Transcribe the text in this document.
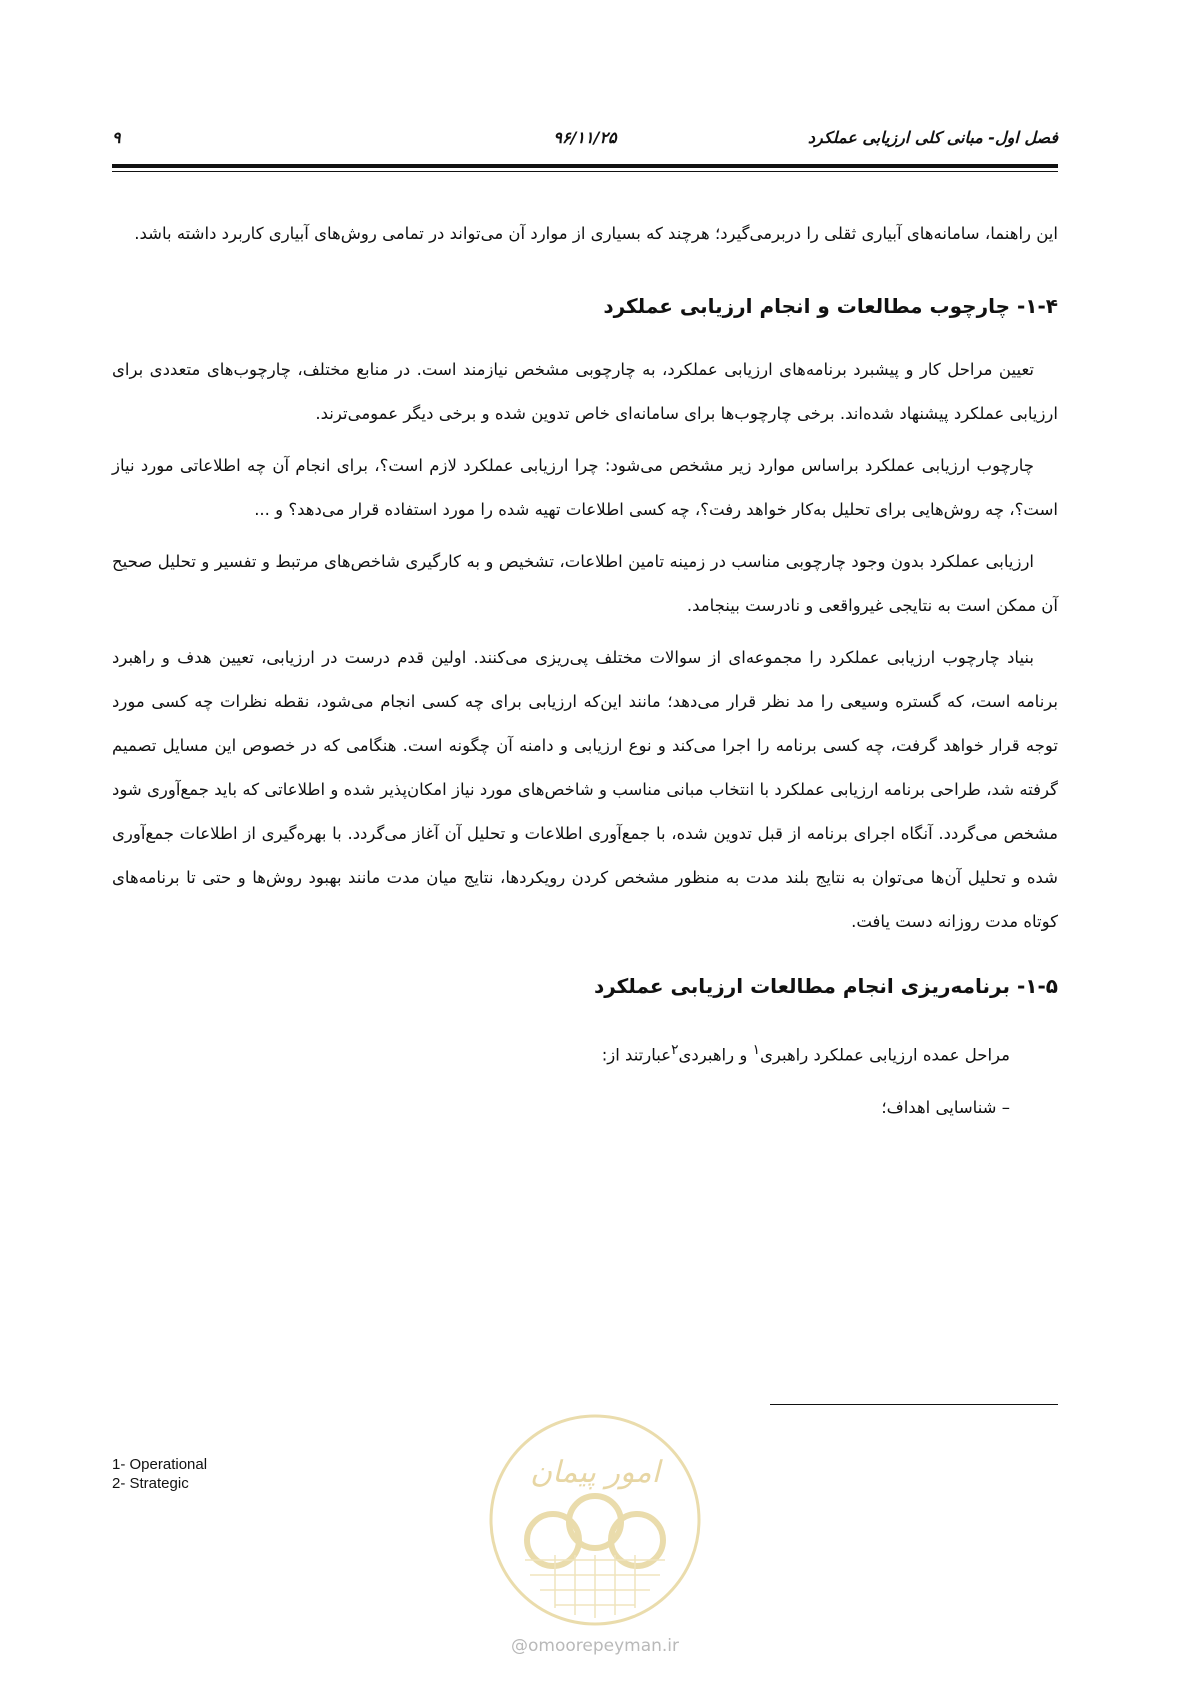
فصل اول- مبانی کلی ارزیابی عملکرد
۹۶/۱۱/۲۵
۹

این راهنما، سامانه‌های آبیاری ثقلی را دربرمی‌گیرد؛ هرچند که بسیاری از موارد آن می‌تواند در تمامی روش‌های آبیاری کاربرد داشته باشد.

۱-۴- چارچوب مطالعات و انجام ارزیابی عملکرد

تعیین مراحل کار و پیشبرد برنامه‌های ارزیابی عملکرد، به چارچوبی مشخص نیازمند است. در منابع مختلف، چارچوب‌های متعددی برای ارزیابی عملکرد پیشنهاد شده‌اند. برخی چارچوب‌ها برای سامانه‌ای خاص تدوین شده و برخی دیگر عمومی‌ترند.

چارچوب ارزیابی عملکرد براساس موارد زیر مشخص می‌شود: چرا ارزیابی عملکرد لازم است؟، برای انجام آن چه اطلاعاتی مورد نیاز است؟، چه روش‌هایی برای تحلیل به‌کار خواهد رفت؟، چه کسی اطلاعات تهیه شده را مورد استفاده قرار می‌دهد؟ و ...

ارزیابی عملکرد بدون وجود چارچوبی مناسب در زمینه تامین اطلاعات، تشخیص و به کارگیری شاخص‌های مرتبط و تفسیر و تحلیل صحیح آن ممکن است به نتایجی غیرواقعی و نادرست بینجامد.

بنیاد چارچوب ارزیابی عملکرد را مجموعه‌ای از سوالات مختلف پی‌ریزی می‌کنند. اولین قدم درست در ارزیابی، تعیین هدف و راهبرد برنامه است، که گستره وسیعی را مد نظر قرار می‌دهد؛ مانند این‌که ارزیابی برای چه کسی انجام می‌شود، نقطه نظرات چه کسی مورد توجه قرار خواهد گرفت، چه کسی برنامه را اجرا می‌کند و نوع ارزیابی و دامنه آن چگونه است. هنگامی که در خصوص این مسایل تصمیم گرفته شد، طراحی برنامه ارزیابی عملکرد با انتخاب مبانی مناسب و شاخص‌های مورد نیاز امکان‌پذیر شده و اطلاعاتی که باید جمع‌آوری شود مشخص می‌گردد. آنگاه اجرای برنامه از قبل تدوین شده، با جمع‌آوری اطلاعات و تحلیل آن آغاز می‌گردد. با بهره‌گیری از اطلاعات جمع‌آوری شده و تحلیل آن‌ها می‌توان به نتایج بلند مدت به منظور مشخص کردن رویکردها، نتایج میان مدت مانند بهبود روش‌ها و حتی تا برنامه‌های کوتاه مدت روزانه دست یافت.

۱-۵- برنامه‌ریزی انجام مطالعات ارزیابی عملکرد

مراحل عمده ارزیابی عملکرد راهبری$^۱$ و راهبردی$^۲$عبارتند از:

– شناسایی اهداف؛
1- Operational
2- Strategic	امور پیمان
@omoorepeyman.ir
